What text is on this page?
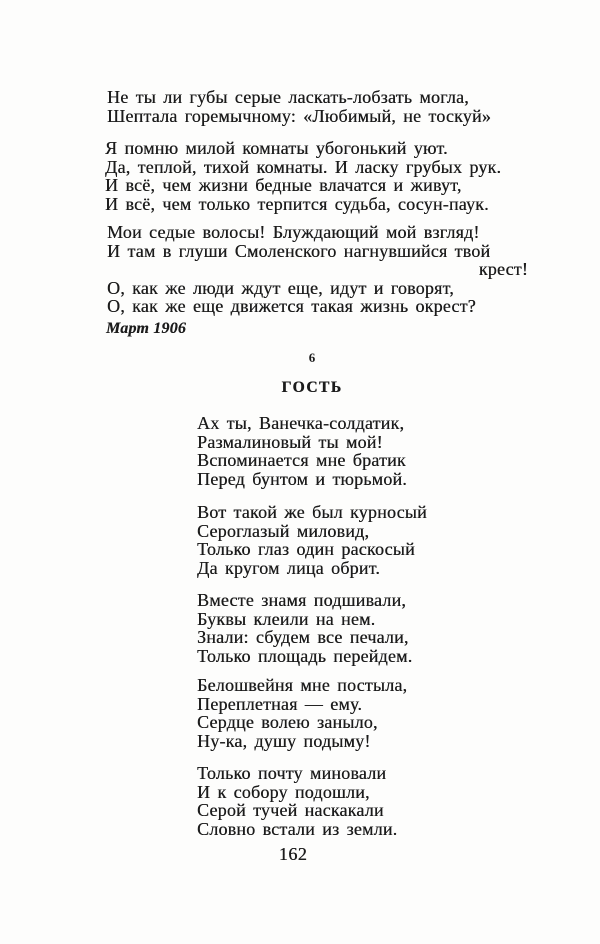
Не ты ли губы серые ласкать-лобзать могла,
Шептала горемычному: «Любимый, не тоскуй»
Я помню милой комнаты убогонький уют.
Да, теплой, тихой комнаты. И ласку грубых рук.
И всё, чем жизни бедные влачатся и живут,
И всё, чем только терпится судьба, сосун-паук.
Мои седые волосы! Блуждающий мой взгляд!
И там в глуши Смоленского нагнувшийся твой
крест!
О, как же люди ждут еще, идут и говорят,
О, как же еще движется такая жизнь окрест?
Март 1906
6
ГОСТЬ
Ах ты, Ванечка-солдатик,
Размалиновый ты мой!
Вспоминается мне братик
Перед бунтом и тюрьмой.
Вот такой же был курносый
Сероглазый миловид,
Только глаз один раскосый
Да кругом лица обрит.
Вместе знамя подшивали,
Буквы клеили на нем.
Знали: сбудем все печали,
Только площадь перейдем.
Белошвейня мне постыла,
Переплетная — ему.
Сердце волею заныло,
Ну-ка, душу подыму!
Только почту миновали
И к собору подошли,
Серой тучей наскакали
Словно встали из земли.
162
